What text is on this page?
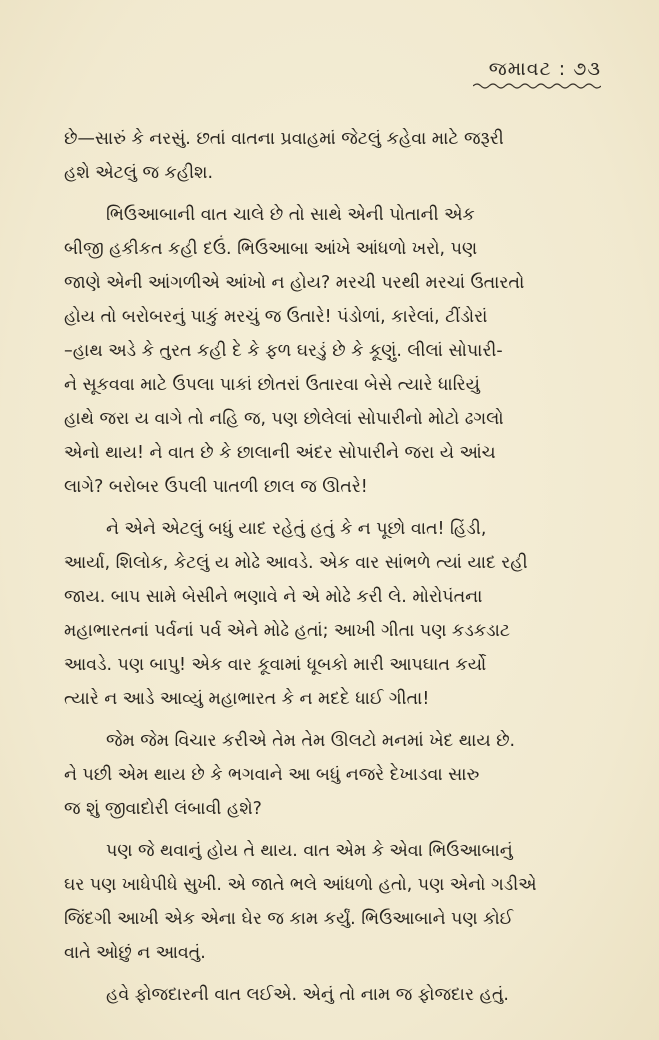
જમાવટ : ૭૩
છે—સારું કે નરસું. છતાં વાતના પ્રવાહમાં જેટલું કહેવા માટે જરૂરી
હશે એટલું જ કહીશ.
ભિઉઆબાની વાત ચાલે છે તો સાથે એની પોતાની એક
બીજી હકીકત કહી દઉં. ભિઉઆબા આંખે આંધળો ખરો, પણ
જાણે એની આંગળીએ આંખો ન હોય? મરચી પરથી મરચાં ઉતારતો
હોય તો બરોબરનું પાકું મરચું જ ઉતારે! પંડોળાં, કારેલાં, ટીંડોરાં
–હાથ અડે કે તુરત કહી દે કે ફળ ઘરડું છે કે કૂણું. લીલાં સોપારી-
ને સૂકવવા માટે ઉપલા પાકાં છોતરાં ઉતારવા બેસે ત્યારે ધારિયું
હાથે જરા ય વાગે તો નહિ જ, પણ છોલેલાં સોપારીનો મોટો ઢગલો
એનો થાય! ને વાત છે કે છાલાની અંદર સોપારીને જરા યે આંચ
લાગે? બરોબર ઉપલી પાતળી છાલ જ ઊતરે!
ને એને એટલું બધું યાદ રહેતું હતું કે ન પૂછો વાત! હિંડી,
આર્યા, શિલોક, કેટલું ય મોઢે આવડે. એક વાર સાંભળે ત્યાં યાદ રહી
જાય. બાપ સામે બેસીને ભણાવે ને એ મોઢે કરી લે. મોરોપંતના
મહાભારતનાં પર્વનાં પર્વ એને મોઢે હતાં; આખી ગીતા પણ કડકડાટ
આવડે. પણ બાપુ! એક વાર કૂવામાં ધૂબકો મારી આપઘાત કર્યો
ત્યારે ન આડે આવ્યું મહાભારત કે ન મદદે ધાઈ ગીતા!
જેમ જેમ વિચાર કરીએ તેમ તેમ ઊલટો મનમાં ખેદ થાય છે.
ને પછી એમ થાય છે કે ભગવાને આ બધું નજરે દેખાડવા સારુ
જ શું જીવાદોરી લંબાવી હશે?
પણ જે થવાનું હોય તે થાય. વાત એમ કે એવા ભિઉઆબાનું
ઘર પણ ખાધેપીધે સુખી. એ જાતે ભલે આંધળો હતો, પણ એનો ગડીએ
જિંદગી આખી એક એના ઘેર જ કામ કર્યું. ભિઉઆબાને પણ કોઈ
વાતે ઓછું ન આવતું.
હવે ફોજદારની વાત લઈએ. એનું તો નામ જ ફોજદાર હતું.
